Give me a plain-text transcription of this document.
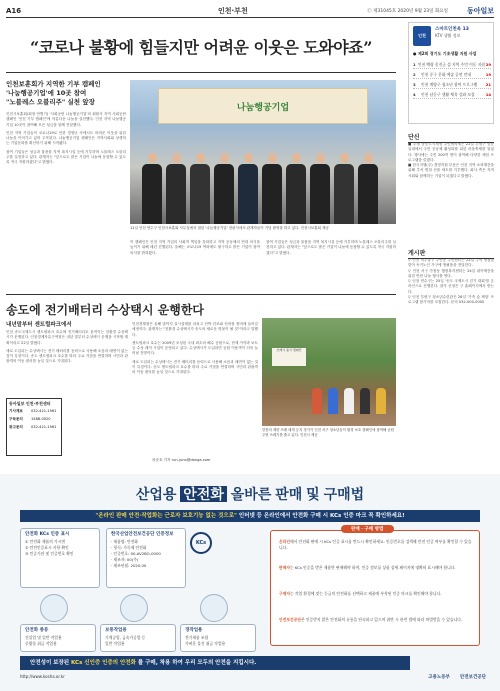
A16	인천·부천	Ⓒ 제31045호 2020년 9월 23일 화요일	동아일보
“코로나 불황에 힘들지만 어려운 이웃은 도와야죠”
인천
스마트인천옥 13
KTV 생활 정보
● 제2회 경기도 기초생활 지원 사업
1 인천 백령 옹진군 섬 지역 주민 이동 지원 29
2	인천 중구 문화 예술 공연 안내	19
3	인천 계양구 청소년 참여 프로그램	21
4	인천 남동구 생활 체육 강좌 모집	14
인천보훈회가 지역한 기부 캠페인
'나눔행공기업'에 10곳 참여
"노블레스 오블리주" 실천 앞장

인천시보훈회(회장 안병기) '사회공헌 나눔행공기업'의 회원사 지역 사회공헌 캠페인 '인천 기부 캠페인'에 아름다운 나눔을 실천했다. 인천 지역 나눔행공기업 10곳이 참여해 모은 성금을 함께 전달했다.

인천 지역 기업들이 코로나19로 인한 경영난 속에서도 어려운 이웃을 위한 나눔을 이어가고 있어 주목된다. 나눔행공기업 캠페인은 지역사회와 상생하는 기업문화를 확산하기 위해 시작됐다.

참여 기업들은 성금과 물품을 지역 복지시설 등에 기부하며 노블레스 오블리주를 실천하고 있다. 관계자는 "앞으로도 많은 기업이 나눔에 동참할 수 있도록 적극 지원하겠다"고 밝혔다.

나눔행공기업
11일 인천 연수구 인천시보훈회 사무실에서 열린 '나눔행공기업' 현판식에서 관계자들이 기념 촬영을 하고 있다. 인천시보훈회 제공

이 캠페인은 인천 지역 기업의 사회적 책임을 강화하고 지역 공동체의 연대 의식을 높이기 위해 매년 진행된다. 올해는 코로나19 여파에도 불구하고 많은 기업이 참여 의사를 밝혀왔다.

참여 기업들은 성금과 물품을 지역 복지시설 등에 기부하며 노블레스 오블리주를 실천하고 있다. 관계자는 "앞으로도 많은 기업이 나눔에 동참할 수 있도록 적극 지원하겠다"고 밝혔다.

단신
■ 부평 삼릉도시재생 주민협의체는 22일 부평구 삼릉 일대에서 주민 공동체 활성화를 위한 마을축제를 열었다. 행사에는 주민 200여 명이 참여해 다양한 체험 프로그램을 즐겼다.
■ 한국지엠(주) 경영지원 부문은 인천 지역 소외계층을 위해 추석 명절 선물 세트를 기부했다. 회사 측은 지역 사회와 함께하는 기업이 되겠다고 밝혔다.
게시판
▽ 인천 미추홀구 주안동 주민센터는 23일 추석 명절을 맞아 독거노인 가구에 생필품을 전달한다.
▽ 인천 서구 가정동 행정복지센터는 24일 취약계층을 위한 반찬 나눔 행사를 연다.
▽ 인천 연수구는 25일 '송도 국제도시 걷기 대회'를 온라인으로 진행한다. 참가 신청은 구 홈페이지에서 받는다.
▽ 인천 부평구 청소년수련관은 26일 '가족 숲 체험' 프로그램 참가자를 모집한다. 문의 032-000-0000
송도에 전기배터리 수상택시 운행한다
내년말부터 센트럴파크에서

인천 송도국제도시 센트럴파크 호수에 전기배터리로 움직이는 친환경 수상택시가 운행된다. 인천경제자유구역청은 내년 말부터 수상택시 운행을 시작할 계획이라고 22일 밝혔다.

새로 도입되는 수상택시는 전기 배터리를 동력으로 사용해 소음과 매연이 없는 것이 특징이다. 송도 센트럴파크 호수를 따라 주요 거점을 연결하며 시민과 관광객의 이동 편의를 높일 것으로 기대된다.

인천경제청은 올해 말까지 실시설계를 마치고 선박 건조와 선착장 정비에 들어갈 예정이다. 관계자는 "친환경 수상택시가 송도의 새로운 명물이 될 것"이라고 말했다.

센트럴파크 호수는 2009년 조성된 국내 최초의 해수 공원으로, 현재 카약과 보트 등 수상 레저 시설이 운영되고 있다. 수상택시가 도입되면 공원 이용객이 더욱 늘어날 전망이다.

새로 도입되는 수상택시는 전기 배터리를 동력으로 사용해 소음과 매연이 없는 것이 특징이다. 송도 센트럴파크 호수를 따라 주요 거점을 연결하며 시민과 관광객의 이동 편의를 높일 것으로 기대된다.

쓰레기 줍기 캠페인
한몸의 계양 쓰레 매개 등지 정가기 인천 서구 청소년들이 환경 보호 캠페인에 참여해 공원 주변 쓰레기를 줍고 있다. 인천시 제공
동아일보 인천·부천센터
기사제보	032-421-1561
구독문의	1588-0020
광고문의	032-421-1561
차준호 기자 run-juno@donga.com
산업용 안전화 올바른 판매 및 구매법
"온라인 판매 안전·작업화는 근로자 보호기능 없는 것으로" 인터넷 등 온라인에서 안전화 구매 시 KCs 인증 마크 꼭 확인하세요!
안전화 KCs 인증 표시
① 안전화 제품의 가시면
② 안전인증표시 사항 확인
③ 인증기관 및 인증번호 확인
한국산업안전보건공단 인증정보
· 제품명: 안전화
· 형식: 가죽제 안전화
· 인증번호: 00-AV2BO-0000
· 제조자: 00(주)
· 제조년월: 2020.00
KCs
안전화 종류
건설업 및 일반 작업용
중량물 취급 작업용
보통작업용
기계공업, 금속가공업 등
일반 작업용
경작업용
전기제품 조립
가벼운 물건 취급 작업용
판매 · 구매 방법
온라인에서 안전화 판매 시 KCs 인증 표시를 반드시 확인하세요. 인증번호를 검색해 안전 인증 여부를 확인할 수 있습니다.
판매자는 KCs 인증을 받은 제품만 판매해야 하며, 인증 정보를 상품 상세 페이지에 명확히 표시해야 합니다.
구매자는 작업 환경에 맞는 등급의 안전화를 선택하고 제품에 부착된 인증 마크를 확인해야 합니다.
안전보건공단은 인증받지 않은 안전화의 유통을 단속하고 있으며 위반 시 관련 법에 따라 처벌받을 수 있습니다.
안전성이 보장된 KCs 신인증 인증의 안전화 를 구매, 착용 하여 우리 모두의 안전을 지킵시다.
http://www.kosha.or.kr	고용노동부 안전보건공단
